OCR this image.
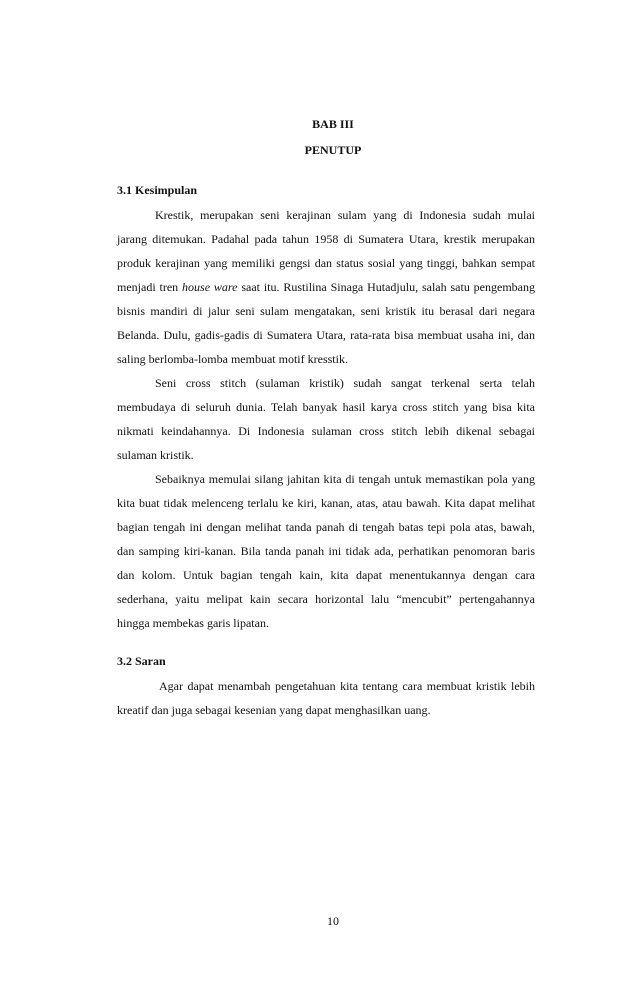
BAB III
PENUTUP
3.1 Kesimpulan
Krestik, merupakan seni kerajinan sulam yang di Indonesia sudah mulai
jarang ditemukan. Padahal pada tahun 1958 di Sumatera Utara, krestik merupakan
produk kerajinan yang memiliki gengsi dan status sosial yang tinggi, bahkan sempat
menjadi tren house ware saat itu. Rustilina Sinaga Hutadjulu, salah satu pengembang
bisnis mandiri di jalur seni sulam mengatakan, seni kristik itu berasal dari negara
Belanda. Dulu, gadis-gadis di Sumatera Utara, rata-rata bisa membuat usaha ini, dan
saling berlomba-lomba membuat motif kresstik.
Seni cross stitch (sulaman kristik) sudah sangat terkenal serta telah
membudaya di seluruh dunia. Telah banyak hasil karya cross stitch yang bisa kita
nikmati keindahannya. Di Indonesia sulaman cross stitch lebih dikenal sebagai
sulaman kristik.
Sebaiknya memulai silang jahitan kita di tengah untuk memastikan pola yang
kita buat tidak melenceng terlalu ke kiri, kanan, atas, atau bawah. Kita dapat melihat
bagian tengah ini dengan melihat tanda panah di tengah batas tepi pola atas, bawah,
dan samping kiri-kanan. Bila tanda panah ini tidak ada, perhatikan penomoran baris
dan kolom. Untuk bagian tengah kain, kita dapat menentukannya dengan cara
sederhana, yaitu melipat kain secara horizontal lalu “mencubit” pertengahannya
hingga membekas garis lipatan.
3.2 Saran
Agar dapat menambah pengetahuan kita tentang cara membuat kristik lebih
kreatif dan juga sebagai kesenian yang dapat menghasilkan uang.
10
